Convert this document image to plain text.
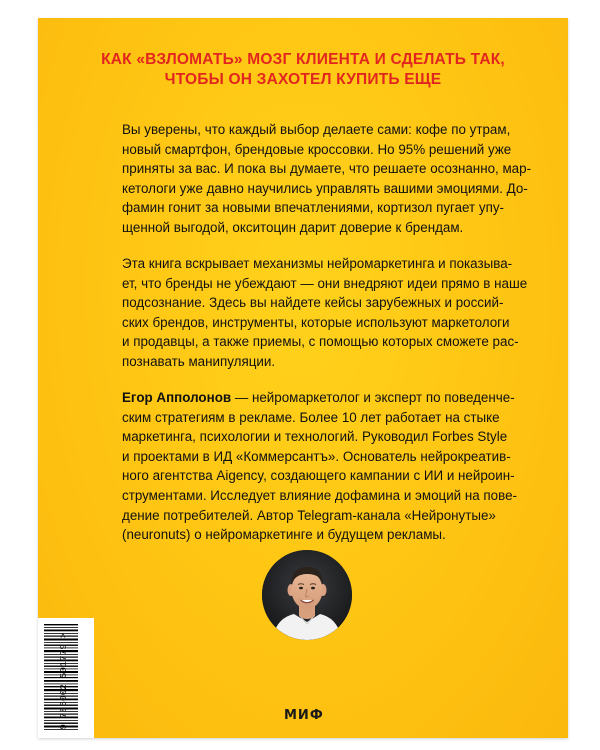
КАК «ВЗЛОМАТЬ» МОЗГ КЛИЕНТА И СДЕЛАТЬ ТАК,
ЧТОБЫ ОН ЗАХОТЕЛ КУПИТЬ ЕЩЕ
Вы уверены, что каждый выбор делаете сами: кофе по утрам,
новый смартфон, брендовые кроссовки. Но 95% решений уже
приняты за вас. И пока вы думаете, что решаете осознанно, мар-
кетологи уже давно научились управлять вашими эмоциями. До-
фамин гонит за новыми впечатлениями, кортизол пугает упу-
щенной выгодой, окситоцин дарит доверие к брендам.
Эта книга вскрывает механизмы нейромаркетинга и показыва-
ет, что бренды не убеждают — они внедряют идеи прямо в наше
подсознание. Здесь вы найдете кейсы зарубежных и россий-
ских брендов, инструменты, которые используют маркетологи
и продавцы, а также приемы, с помощью которых сможете рас-
познавать манипуляции.
Егор Апполонов — нейромаркетолог и эксперт по поведенче-
ским стратегиям в рекламе. Более 10 лет работает на стыке
маркетинга, психологии и технологий. Руководил Forbes Style
и проектами в ИД «Коммерсантъ». Основатель нейрокреатив-
ного агентства Aigency, создающего кампании с ИИ и нейроин-
струментами. Исследует влияние дофамина и эмоций на пове-
дение потребителей. Автор Telegram-канала «Нейронутые»
(neuronuts) о нейромаркетинге и будущем рекламы.
9 785002 501779 >	МИФ
